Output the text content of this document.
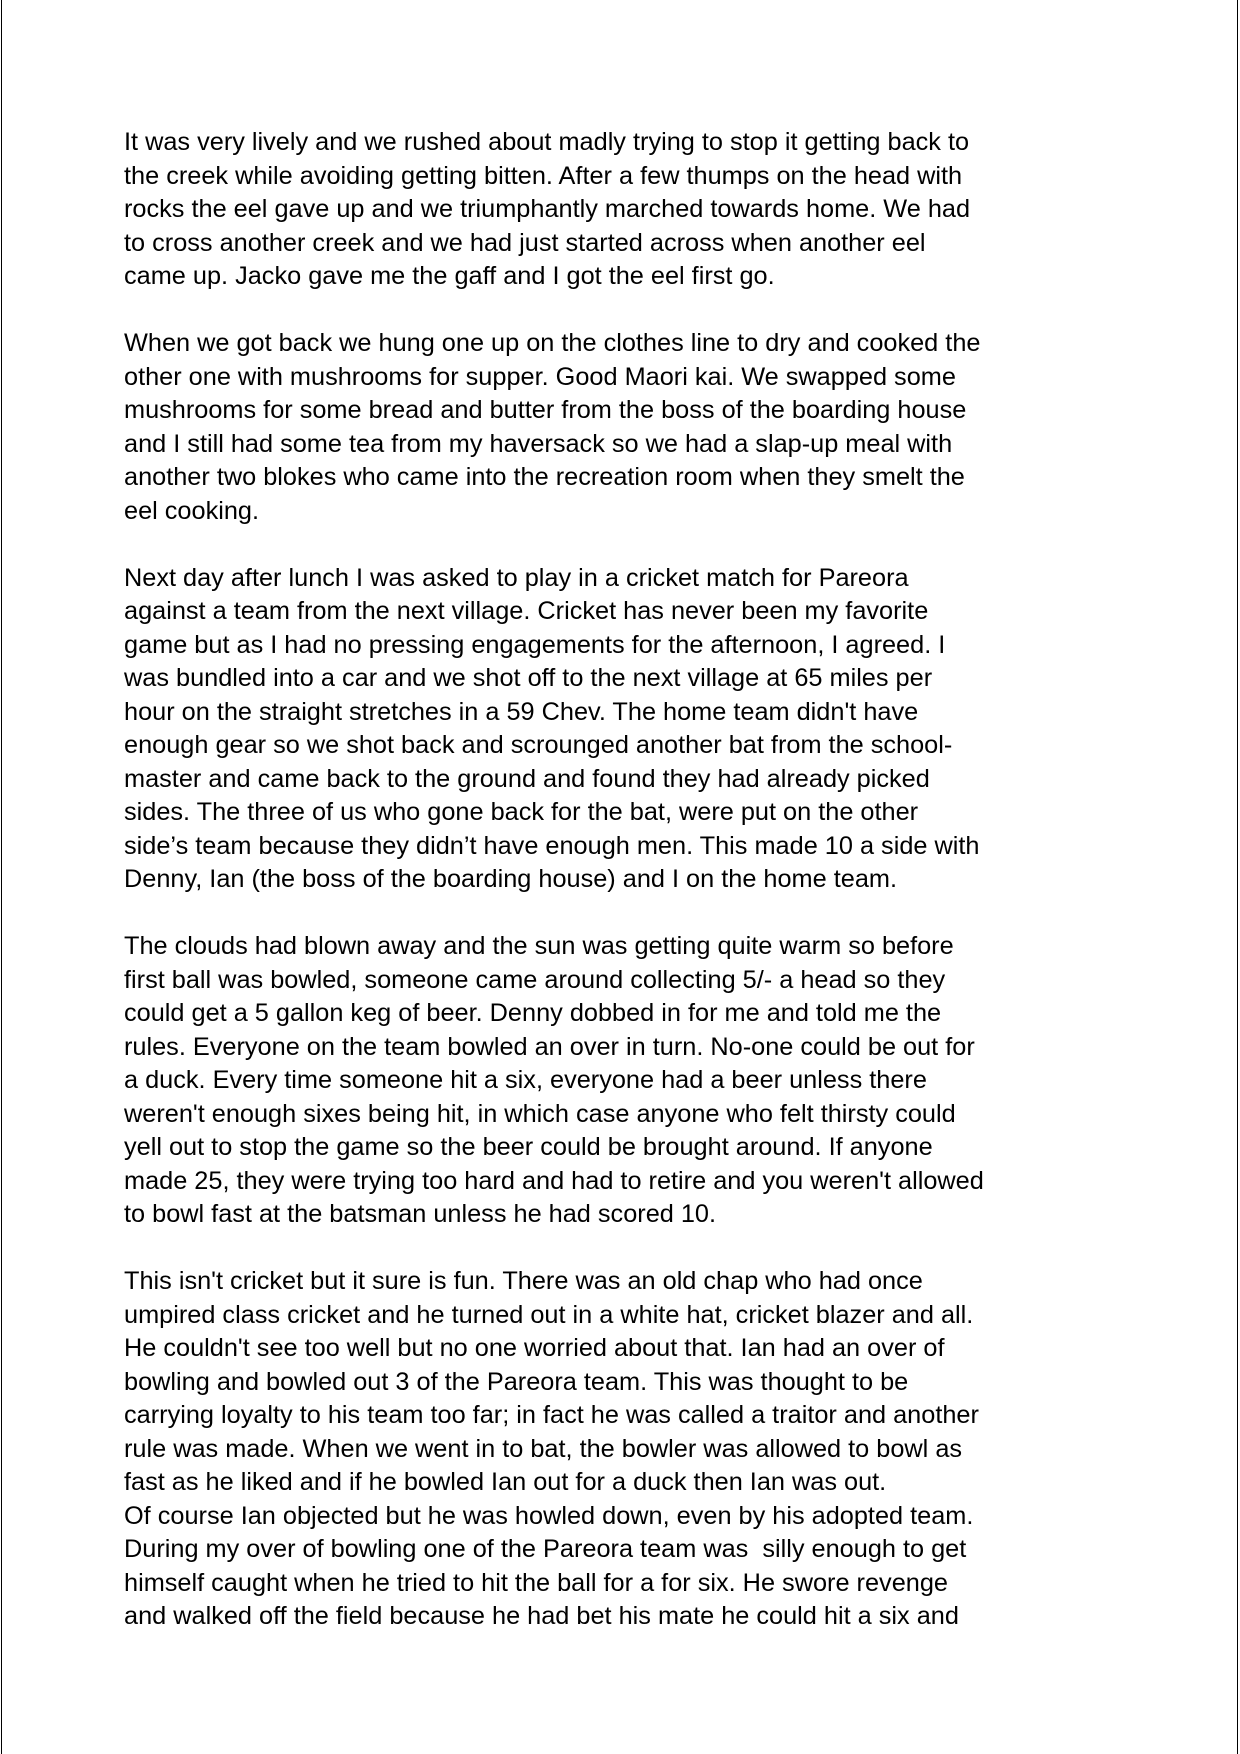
It was very lively and we rushed about madly trying to stop it getting back to
the creek while avoiding getting bitten. After a few thumps on the head with
rocks the eel gave up and we triumphantly marched towards home. We had
to cross another creek and we had just started across when another eel
came up. Jacko gave me the gaff and I got the eel first go.

When we got back we hung one up on the clothes line to dry and cooked the
other one with mushrooms for supper. Good Maori kai. We swapped some
mushrooms for some bread and butter from the boss of the boarding house
and I still had some tea from my haversack so we had a slap-up meal with
another two blokes who came into the recreation room when they smelt the
eel cooking.

Next day after lunch I was asked to play in a cricket match for Pareora
against a team from the next village. Cricket has never been my favorite
game but as I had no pressing engagements for the afternoon, I agreed. I
was bundled into a car and we shot off to the next village at 65 miles per
hour on the straight stretches in a 59 Chev. The home team didn't have
enough gear so we shot back and scrounged another bat from the school-
master and came back to the ground and found they had already picked
sides. The three of us who gone back for the bat, were put on the other
side’s team because they didn’t have enough men. This made 10 a side with
Denny, Ian (the boss of the boarding house) and I on the home team.

The clouds had blown away and the sun was getting quite warm so before
first ball was bowled, someone came around collecting 5/- a head so they
could get a 5 gallon keg of beer. Denny dobbed in for me and told me the
rules. Everyone on the team bowled an over in turn. No-one could be out for
a duck. Every time someone hit a six, everyone had a beer unless there
weren't enough sixes being hit, in which case anyone who felt thirsty could
yell out to stop the game so the beer could be brought around. If anyone
made 25, they were trying too hard and had to retire and you weren't allowed
to bowl fast at the batsman unless he had scored 10.

This isn't cricket but it sure is fun. There was an old chap who had once
umpired class cricket and he turned out in a white hat, cricket blazer and all.
He couldn't see too well but no one worried about that. Ian had an over of
bowling and bowled out 3 of the Pareora team. This was thought to be
carrying loyalty to his team too far; in fact he was called a traitor and another
rule was made. When we went in to bat, the bowler was allowed to bowl as
fast as he liked and if he bowled Ian out for a duck then Ian was out.
Of course Ian objected but he was howled down, even by his adopted team.
During my over of bowling one of the Pareora team was  silly enough to get
himself caught when he tried to hit the ball for a for six. He swore revenge
and walked off the field because he had bet his mate he could hit a six and
